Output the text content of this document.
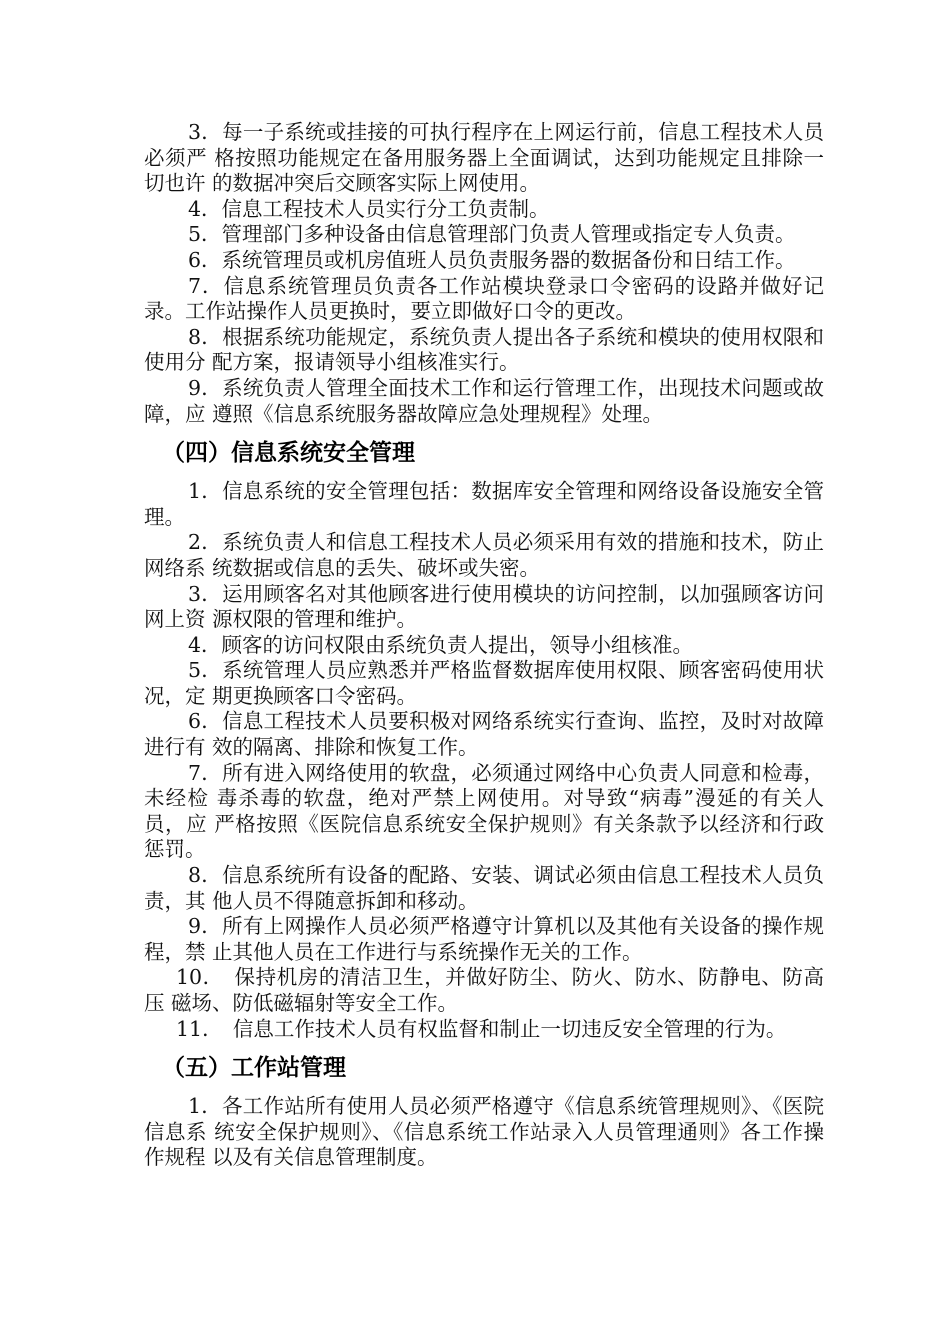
3．每一子系统或挂接的可执行程序在上网运行前，信息工程技术人员必须严 格按照功能规定在备用服务器上全面调试，达到功能规定且排除一切也许 的数据冲突后交顾客实际上网使用。

4．信息工程技术人员实行分工负责制。

5．管理部门多种设备由信息管理部门负责人管理或指定专人负责。

6．系统管理员或机房值班人员负责服务器的数据备份和日结工作。

7．信息系统管理员负责各工作站模块登录口令密码的设路并做好记录。工作站操作人员更换时，要立即做好口令的更改。

8．根据系统功能规定，系统负责人提出各子系统和模块的使用权限和使用分 配方案，报请领导小组核准实行。

9．系统负责人管理全面技术工作和运行管理工作，出现技术问题或故障，应 遵照《信息系统服务器故障应急处理规程》处理。

（四）信息系统安全管理

1．信息系统的安全管理包括：数据库安全管理和网络设备设施安全管理。

2．系统负责人和信息工程技术人员必须采用有效的措施和技术，防止网络系 统数据或信息的丢失、破坏或失密。

3．运用顾客名对其他顾客进行使用模块的访问控制，以加强顾客访问网上资 源权限的管理和维护。

4．顾客的访问权限由系统负责人提出，领导小组核准。

5．系统管理人员应熟悉并严格监督数据库使用权限、顾客密码使用状况，定 期更换顾客口令密码。

6．信息工程技术人员要积极对网络系统实行查询、监控，及时对故障进行有 效的隔离、排除和恢复工作。

7．所有进入网络使用的软盘，必须通过网络中心负责人同意和检毒，未经检 毒杀毒的软盘，绝对严禁上网使用。对导致“病毒”漫延的有关人员，应 严格按照《医院信息系统安全保护规则》有关条款予以经济和行政惩罚。

8．信息系统所有设备的配路、安装、调试必须由信息工程技术人员负责，其 他人员不得随意拆卸和移动。

9．所有上网操作人员必须严格遵守计算机以及其他有关设备的操作规程，禁 止其他人员在工作进行与系统操作无关的工作。

10．　保持机房的清洁卫生，并做好防尘、防火、防水、防静电、防高压 磁场、防低磁辐射等安全工作。

11．　信息工作技术人员有权监督和制止一切违反安全管理的行为。

（五）工作站管理

1．各工作站所有使用人员必须严格遵守《信息系统管理规则》、《医院信息系 统安全保护规则》、《信息系统工作站录入人员管理通则》各工作操作规程 以及有关信息管理制度。
